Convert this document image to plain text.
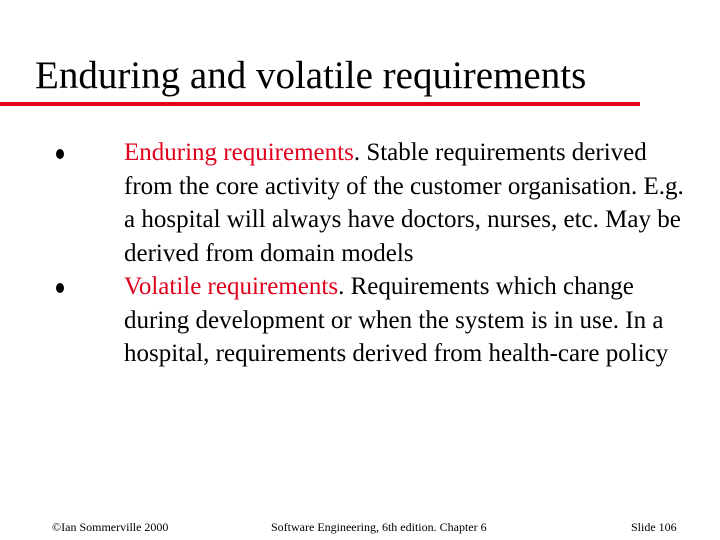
Enduring and volatile requirements
Enduring requirements. Stable requirements derived from the core activity of the customer organisation. E.g. a hospital will always have doctors, nurses, etc. May be derived from domain models
Volatile requirements. Requirements which change during development or when the system is in use. In a hospital, requirements derived from health-care policy
©Ian Sommerville 2000	Software Engineering, 6th edition. Chapter 6	Slide 106
